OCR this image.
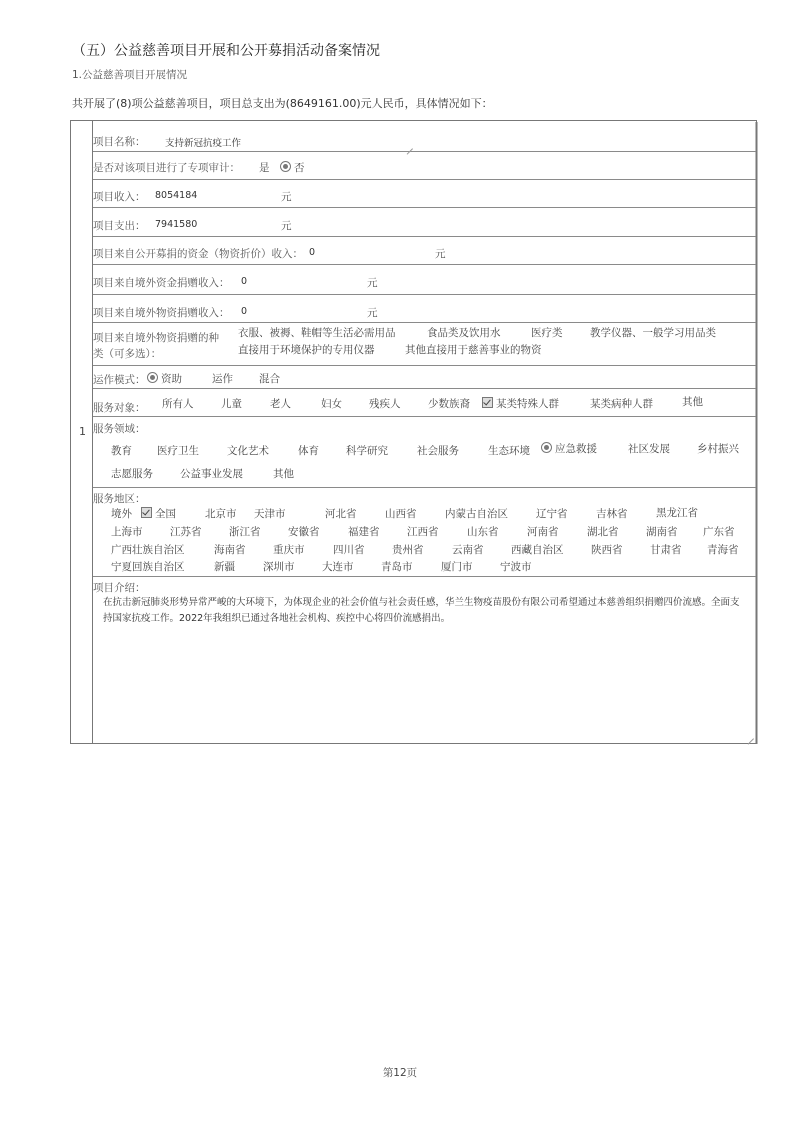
（五）公益慈善项目开展和公开募捐活动备案情况
1.公益慈善项目开展情况
共开展了(8)项公益慈善项目，项目总支出为(8649161.00)元人民币，具体情况如下：
1
项目名称： 支持新冠抗疫工作
是否对该项目进行了专项审计： 是	否
项目收入： 8054184	元
项目支出： 7941580	元
项目来自公开募捐的资金（物资折价）收入： 0	元
项目来自境外资金捐赠收入： 0	元
项目来自境外物资捐赠收入： 0	元
项目来自境外物资捐赠的种
类（可多选）：
衣服、被褥、鞋帽等生活必需用品	食品类及饮用水	医疗类	教学仪器、一般学习用品类
直接用于环境保护的专用仪器	其他直接用于慈善事业的物资
运作模式：	资助	运作 混合
服务对象： 所有人	儿童	老人	妇女	残疾人	少数族裔	某类特殊人群	某类病种人群	其他
服务领域：
教育 医疗卫生	文化艺术	体育	科学研究	社会服务	生态环境	应急救援	社区发展	乡村振兴
志愿服务	公益事业发展	其他
服务地区：
境外	全国	北京市 天津市	河北省	山西省	内蒙古自治区	辽宁省	吉林省	黑龙江省
上海市	江苏省	浙江省	安徽省	福建省	江西省	山东省	河南省	湖北省	湖南省 广东省
广西壮族自治区	海南省	重庆市	四川省	贵州省	云南省	西藏自治区	陕西省	甘肃省 青海省
宁夏回族自治区	新疆	深圳市	大连市	青岛市	厦门市	宁波市
项目介绍：
在抗击新冠肺炎形势异常严峻的大环境下，为体现企业的社会价值与社会责任感，华兰生物疫苗股份有限公司希望通过本慈善组织捐赠四价流感。全面支持国家抗疫工作。2022年我组织已通过各地社会机构、疾控中心将四价流感捐出。
第12页
